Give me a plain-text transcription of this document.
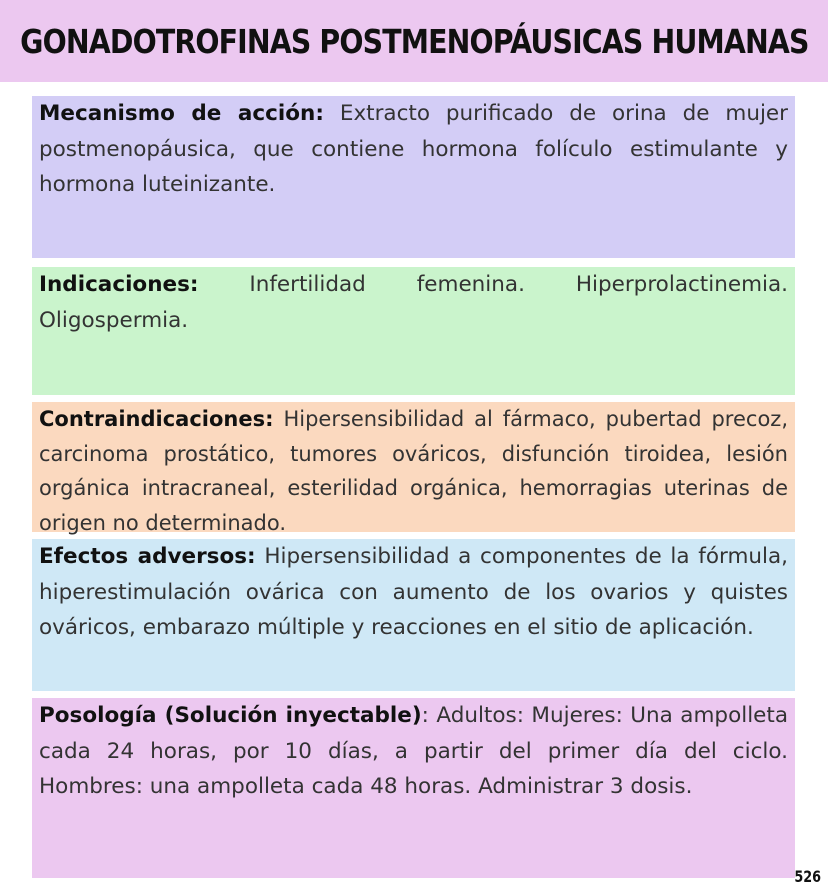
GONADOTROFINAS POSTMENOPÁUSICAS HUMANAS
Mecanismo de acción: Extracto purificado de orina de mujer postmenopáusica, que contiene hormona folículo estimulante y hormona luteinizante.
Indicaciones: Infertilidad femenina. Hiperprolactinemia. Oligospermia.
Contraindicaciones: Hipersensibilidad al fármaco, pubertad precoz, carcinoma prostático, tumores ováricos, disfunción tiroidea, lesión orgánica intracraneal, esterilidad orgánica, hemorragias uterinas de origen no determinado.
Efectos adversos: Hipersensibilidad a componentes de la fórmula, hiperestimulación ovárica con aumento de los ovarios y quistes ováricos, embarazo múltiple y reacciones en el sitio de aplicación.
Posología (Solución inyectable): Adultos: Mujeres: Una ampolleta cada 24 horas, por 10 días, a partir del primer día del ciclo. Hombres: una ampolleta cada 48 horas. Administrar 3 dosis.
526
